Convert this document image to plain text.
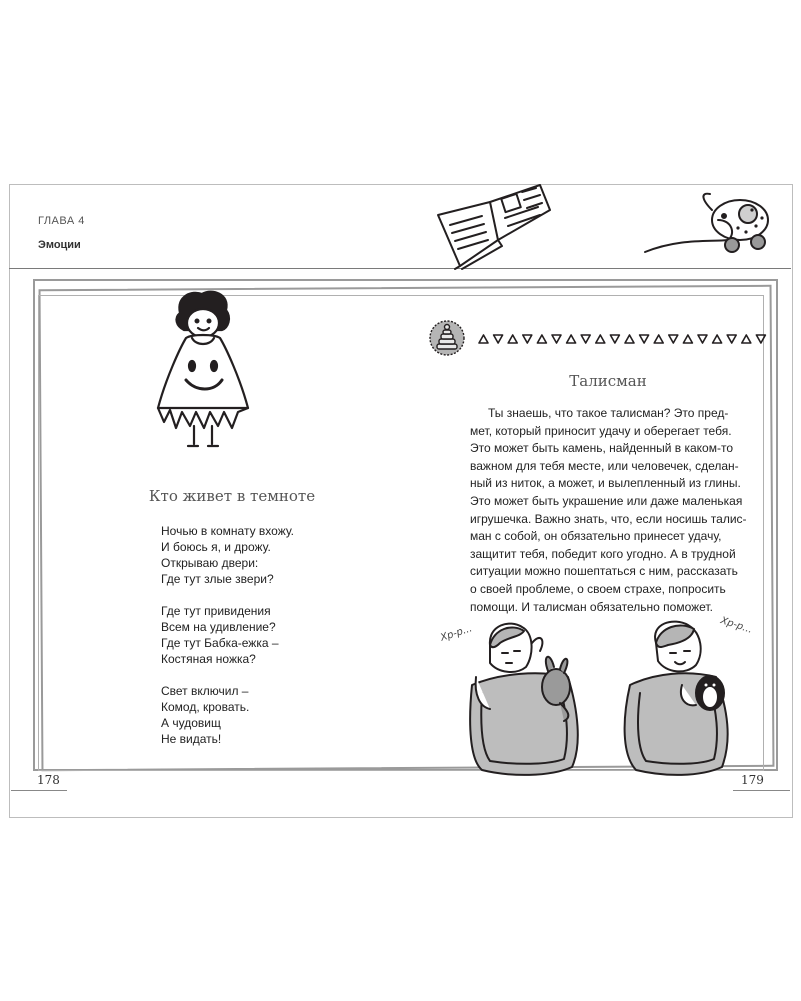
ГЛАВА 4
Эмоции
Кто живет в темноте
Ночью в комнату вхожу.
И боюсь я, и дрожу.
Открываю двери:
Где тут злые звери?
Где тут привидения
Всем на удивление?
Где тут Бабка-ежка –
Костяная ножка?
Свет включил –
Комод, кровать.
А чудовищ
Не видать!
Талисман
Ты знаешь, что такое талисман? Это пред-
мет, который приносит удачу и оберегает тебя.
Это может быть камень, найденный в каком-то
важном для тебя месте, или человечек, сделан-
ный из ниток, а может, и вылепленный из глины.
Это может быть украшение или даже маленькая
игрушечка. Важно знать, что, если носишь талис-
ман с собой, он обязательно принесет удачу,
защитит тебя, победит кого угодно. А в трудной
ситуации можно пошептаться с ним, рассказать
о своей проблеме, о своем страхе, попросить
помощи. И талисман обязательно поможет.
Хр-р...	Хр-р...
178	179
